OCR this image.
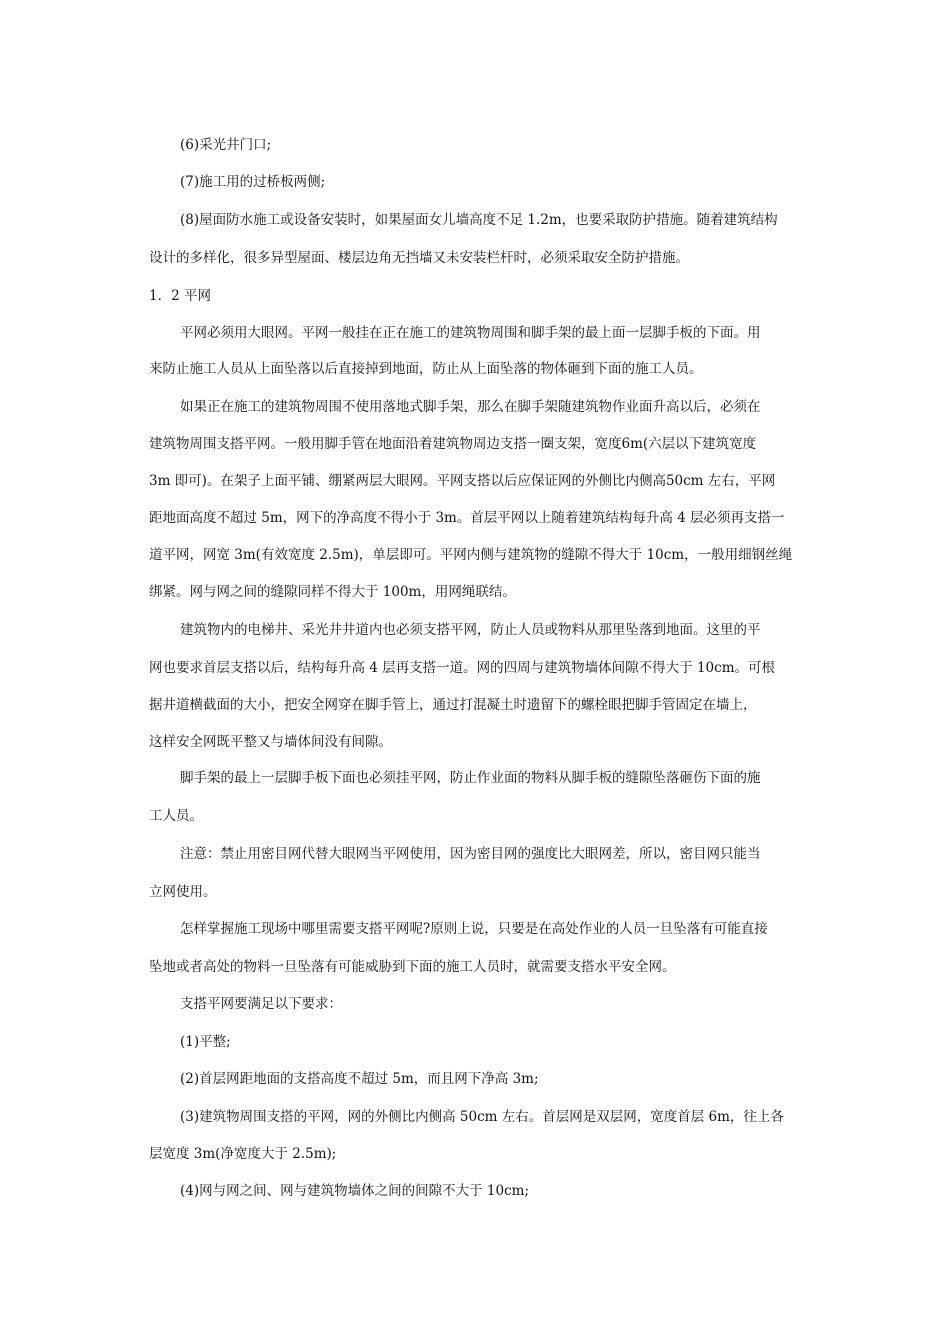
(6)采光井门口;
(7)施工用的过桥板两侧;
(8)屋面防水施工或设备安装时，如果屋面女儿墙高度不足 1.2m，也要采取防护措施。随着建筑结构
设计的多样化，很多异型屋面、楼层边角无挡墙又未安装栏杆时，必须采取安全防护措施。
1．2 平网
平网必须用大眼网。平网一般挂在正在施工的建筑物周围和脚手架的最上面一层脚手板的下面。用
来防止施工人员从上面坠落以后直接掉到地面，防止从上面坠落的物体砸到下面的施工人员。
如果正在施工的建筑物周围不使用落地式脚手架，那么在脚手架随建筑物作业面升高以后，必须在
建筑物周围支搭平网。一般用脚手管在地面沿着建筑物周边支搭一圈支架，宽度6m(六层以下建筑宽度
3m 即可)。在架子上面平铺、绷紧两层大眼网。平网支搭以后应保证网的外侧比内侧高50cm 左右，平网
距地面高度不超过 5m，网下的净高度不得小于 3m。首层平网以上随着建筑结构每升高 4 层必须再支搭一
道平网，网宽 3m(有效宽度 2.5m)，单层即可。平网内侧与建筑物的缝隙不得大于 10cm，一般用细钢丝绳
绑紧。网与网之间的缝隙同样不得大于 100m，用网绳联结。
建筑物内的电梯井、采光井井道内也必须支搭平网，防止人员或物料从那里坠落到地面。这里的平
网也要求首层支搭以后，结构每升高 4 层再支搭一道。网的四周与建筑物墙体间隙不得大于 10cm。可根
据井道横截面的大小，把安全网穿在脚手管上，通过打混凝土时遗留下的螺栓眼把脚手管固定在墙上，
这样安全网既平整又与墙体间没有间隙。
脚手架的最上一层脚手板下面也必须挂平网，防止作业面的物料从脚手板的缝隙坠落砸伤下面的施
工人员。
注意：禁止用密目网代替大眼网当平网使用，因为密目网的强度比大眼网差，所以，密目网只能当
立网使用。
怎样掌握施工现场中哪里需要支搭平网呢?原则上说，只要是在高处作业的人员一旦坠落有可能直接
坠地或者高处的物料一旦坠落有可能威胁到下面的施工人员时，就需要支搭水平安全网。
支搭平网要满足以下要求：
(1)平整;
(2)首层网距地面的支搭高度不超过 5m，而且网下净高 3m;
(3)建筑物周围支搭的平网，网的外侧比内侧高 50cm 左右。首层网是双层网，宽度首层 6m，往上各
层宽度 3m(净宽度大于 2.5m);
(4)网与网之间、网与建筑物墙体之间的间隙不大于 10cm;
